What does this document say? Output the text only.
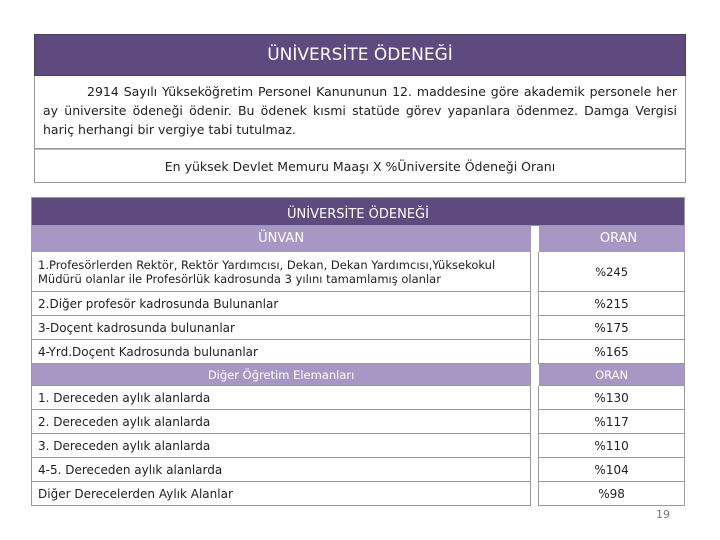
ÜNİVERSİTE ÖDENEĞİ
2914 Sayılı Yükseköğretim Personel Kanununun 12. maddesine göre akademik personele her ay üniversite ödeneği ödenir. Bu ödenek kısmi statüde görev yapanlara ödenmez. Damga Vergisi hariç herhangi bir vergiye tabi tutulmaz.
En yüksek Devlet Memuru Maaşı X %Üniversite Ödeneği Oranı
ÜNİVERSİTE ÖDENEĞİ		
ÜNVAN		ORAN
1.Profesörlerden Rektör, Rektör Yardımcısı, Dekan, Dekan Yardımcısı,Yüksekokul Müdürü olanlar ile Profesörlük kadrosunda 3 yılını tamamlamış olanlar		%245
2.Diğer profesör kadrosunda Bulunanlar		%215
3-Doçent kadrosunda bulunanlar		%175
4-Yrd.Doçent Kadrosunda bulunanlar		%165
Diğer Öğretim Elemanları		ORAN
1. Dereceden aylık alanlarda		%130
2. Dereceden aylık alanlarda		%117
3. Dereceden aylık alanlarda		%110
4-5. Dereceden aylık alanlarda		%104
Diğer Derecelerden Aylık Alanlar		%98
19
